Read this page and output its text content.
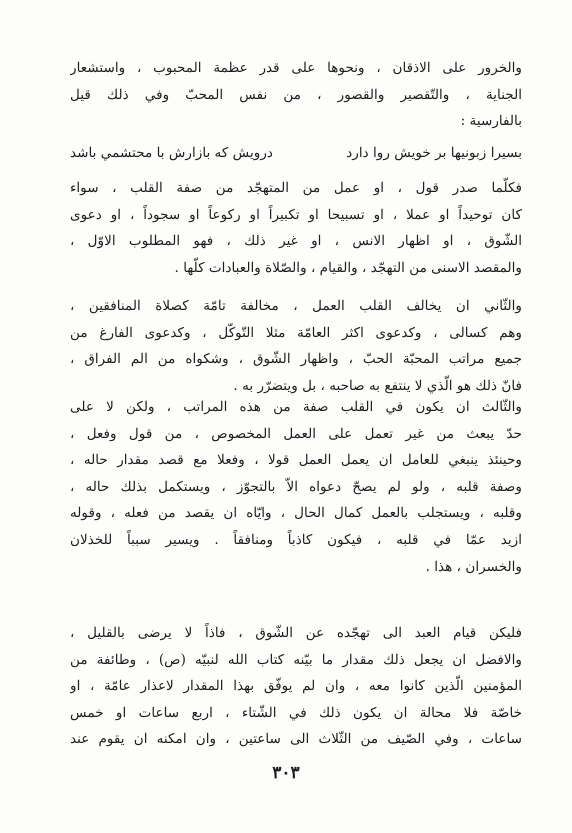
والخرور على الاذقان ، ونحوها على قدر عظمة المحبوب ، واستشعار
الجناية ، والتّقصير والقصور ، من نفس المحبّ وفي ذلك قيل
بالفارسية :
بسيرا زبونيها بر خويش روا دارد
درويش كه بازارش با محتشمي باشد
فكلّما صدر قول ، او عمل من المتهجّد من صفة القلب ، سواء
كان توحيداً او عملا ، او تسبيحا او تكبيراً او ركوعاً او سجوداً ، او دعوى
الشّوق ، او اظهار الانس ، او غير ذلك ، فهو المطلوب الاوّل ،
والمقصد الاسنى من التهجّد ، والقيام ، والصّلاة والعبادات كلّها .
والثّاني ان يخالف القلب العمل ، مخالفة تامّة كصلاة المنافقين ،
وهم كسالى ، وكدعوى اكثر العامّة مثلا التّوكّل ، وكدعوى الفارغ من
جميع مراتب المحبّة الحبّ ، واظهار الشّوق ، وشكواه من الم الفراق ،
فانّ ذلك هو الّذي لا ينتفع به صاحبه ، بل ويتضرّر به .
والثّالث ان يكون في القلب صفة من هذه المراتب ، ولكن لا على
حدّ يبعث من غير تعمل على العمل المخصوص ، من قول وفعل ،
وحينئذ ينبغي للعامل ان يعمل العمل قولا ، وفعلا مع قصد مقدار حاله ،
وصفة قلبه ، ولو لم يصحّ دعواه الاّ بالتجوّز ، ويستكمل بذلك حاله ،
وقلبه ، ويستجلب بالعمل كمال الحال ، وايّاه ان يقصد من فعله ، وقوله
ازيد عمّا في قلبه ، فيكون كاذباً ومنافقاً . ويسير سبباً للخذلان
والخسران ، هذا .
فليكن قيام العبد الى تهجّده عن الشّوق ، فاذاً لا يرضى بالقليل ،
والافضل ان يجعل ذلك مقدار ما بيّنه كتاب الله لنبيّه (ص) ، وطائفة من
المؤمنين الّذين كانوا معه ، وان لم يوفّق بهذا المقدار لاعذار عامّة ، او
خاصّة فلا محالة ان يكون ذلك في الشّتاء ، اربع ساعات او خمس
ساعات ، وفي الصّيف من الثّلاث الى ساعتين ، وان امكنه ان يقوم عند
٣٠٣
